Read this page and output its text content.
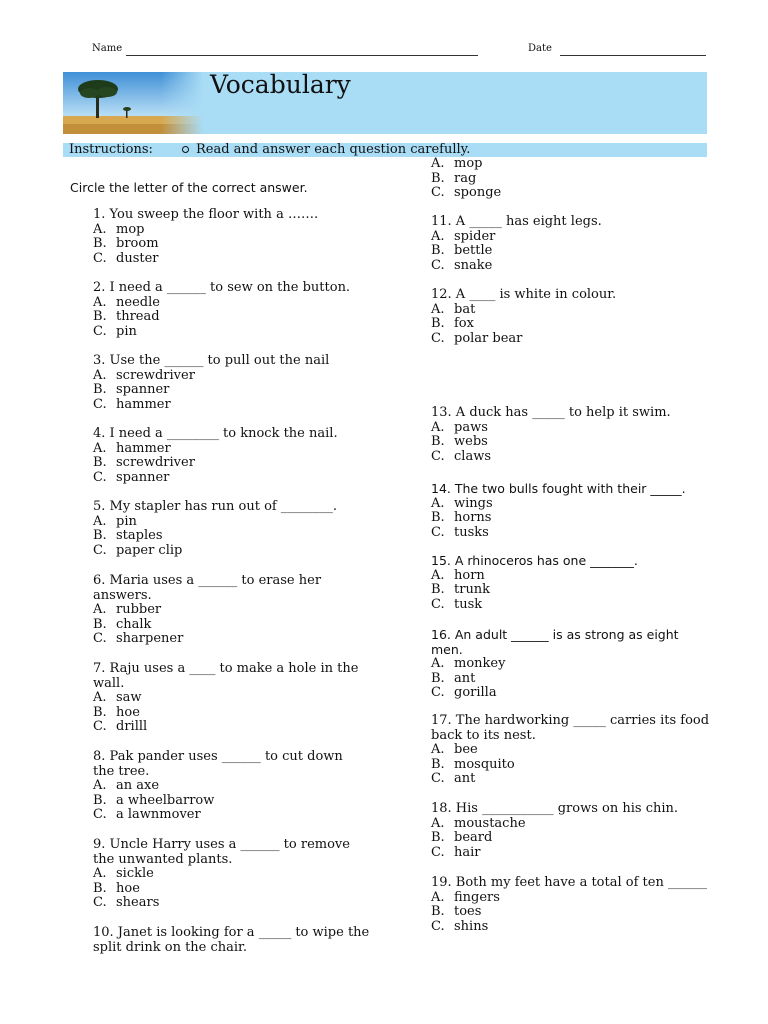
Name	Date
Vocabulary
Instructions:	Read and answer each question carefully.
Circle the letter of the correct answer.
1. You sweep the floor with a …….
A. mop
B. broom
C. duster
2. I need a ______ to sew on the button.
A. needle
B. thread
C. pin
3. Use the ______ to pull out the nail
A. screwdriver
B. spanner
C. hammer
4. I need a ________ to knock the nail.
A. hammer
B. screwdriver
C. spanner
5. My stapler has run out of ________.
A. pin
B. staples
C. paper clip
6. Maria uses a ______ to erase her
answers.
A. rubber
B. chalk
C. sharpener
7. Raju uses a ____ to make a hole in the
wall.
A. saw
B. hoe
C. drilll
8. Pak pander uses ______ to cut down
the tree.
A. an axe
B. a wheelbarrow
C. a lawnmover
9. Uncle Harry uses a ______ to remove
the unwanted plants.
A. sickle
B. hoe
C. shears
10. Janet is looking for a _____ to wipe the
split drink on the chair.
A. mop
B. rag
C. sponge
11. A _____ has eight legs.
A. spider
B. bettle
C. snake
12. A ____ is white in colour.
A. bat
B. fox
C. polar bear
13. A duck has _____ to help it swim.
A. paws
B. webs
C. claws
14. The two bulls fought with their _____.
A. wings
B. horns
C. tusks
15. A rhinoceros has one _______.
A. horn
B. trunk
C. tusk
16. An adult ______ is as strong as eight
men.
A. monkey
B. ant
C. gorilla
17. The hardworking _____ carries its food
back to its nest.
A. bee
B. mosquito
C. ant
18. His ___________ grows on his chin.
A. moustache
B. beard
C. hair
19. Both my feet have a total of ten ______
A. fingers
B. toes
C. shins
